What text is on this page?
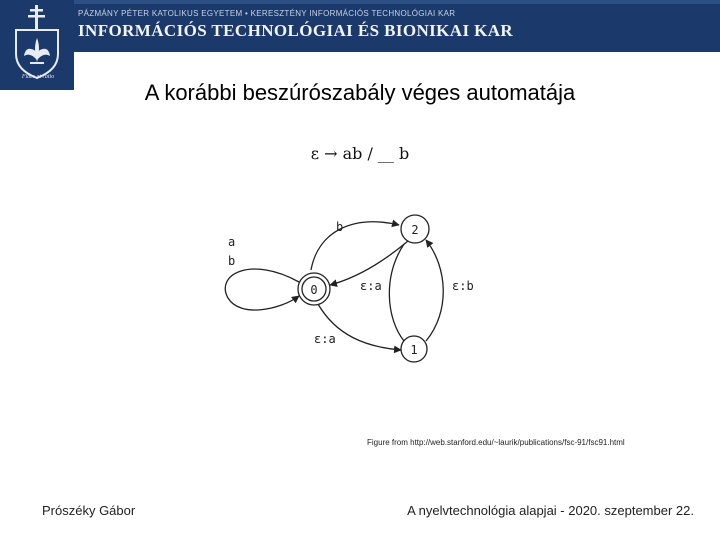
Fides et ratio
PÁZMÁNY PÉTER KATOLIKUS EGYETEM • KERESZTÉNY INFORMÁCIÓS TECHNOLÓGIAI KAR
INFORMÁCIÓS TECHNOLÓGIAI ÉS BIONIKAI KAR
A korábbi beszúrószabály véges automatája
ε → ab / __ b
0
2
1
a
b
b
ε:a
ε:a
ε:b
Figure from http://web.stanford.edu/~laurik/publications/fsc-91/fsc91.html
Prószéky Gábor	A nyelvtechnológia alapjai - 2020. szeptember 22.
